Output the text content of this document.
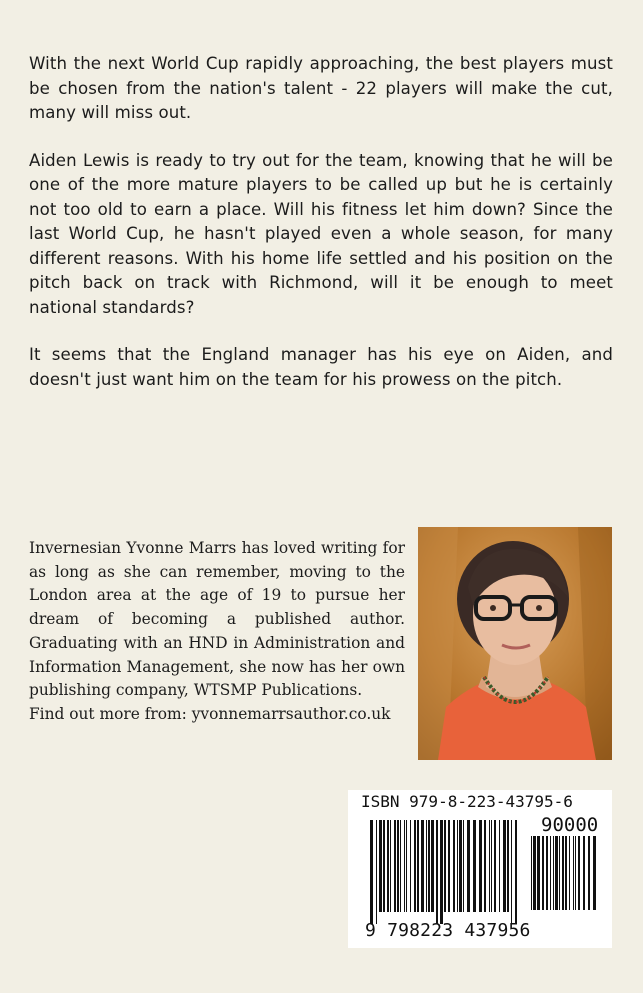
With the next World Cup rapidly approaching, the best players must be chosen from the nation's talent - 22 players will make the cut, many will miss out.

Aiden Lewis is ready to try out for the team, knowing that he will be one of the more mature players to be called up but he is certainly not too old to earn a place. Will his fitness let him down? Since the last World Cup, he hasn't played even a whole season, for many different reasons. With his home life settled and his position on the pitch back on track with Richmond, will it be enough to meet national standards?

It seems that the England manager has his eye on Aiden, and doesn't just want him on the team for his prowess on the pitch.

Invernesian Yvonne Marrs has loved writing for as long as she can remember, moving to the London area at the age of 19 to pursue her dream of becoming a published author. Graduating with an HND in Administration and Information Management, she now has her own publishing company, WTSMP Publications.

Find out more from: yvonnemarrsauthor.co.uk

ISBN 979-8-223-43795-6
90000
9 798223 437956
